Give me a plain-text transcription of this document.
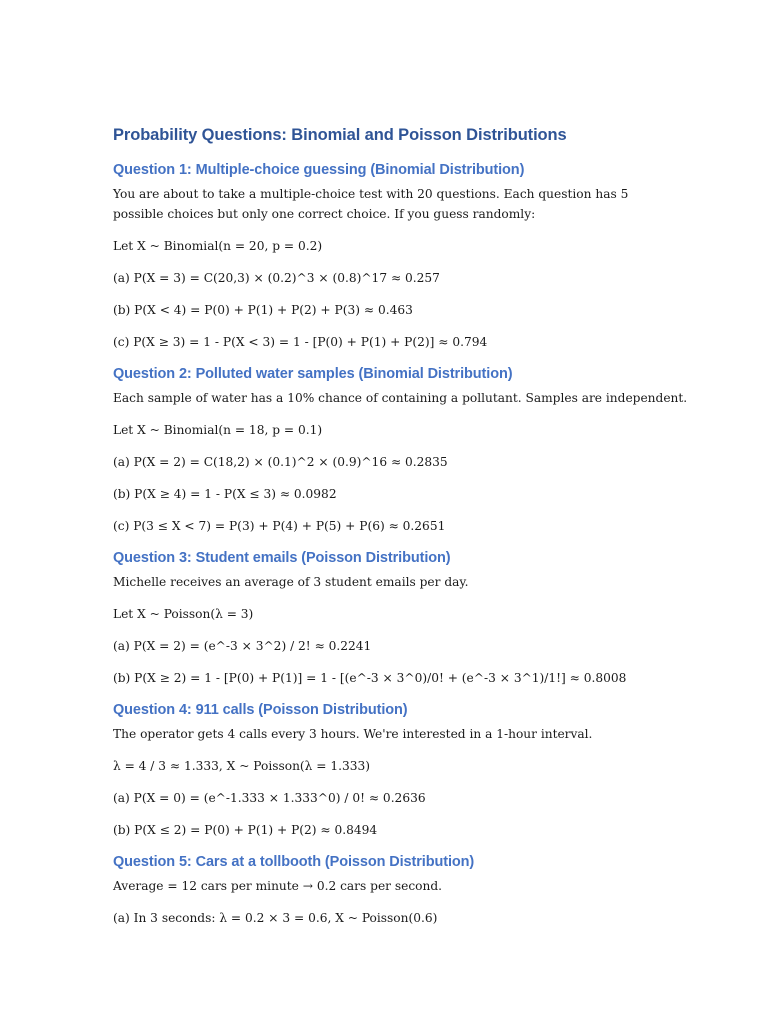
Probability Questions: Binomial and Poisson Distributions
Question 1: Multiple-choice guessing (Binomial Distribution)

You are about to take a multiple-choice test with 20 questions. Each question has 5 possible choices but only one correct choice. If you guess randomly:

Let X ~ Binomial(n = 20, p = 0.2)

(a) P(X = 3) = C(20,3) × (0.2)^3 × (0.8)^17 ≈ 0.257

(b) P(X < 4) = P(0) + P(1) + P(2) + P(3) ≈ 0.463

(c) P(X ≥ 3) = 1 - P(X < 3) = 1 - [P(0) + P(1) + P(2)] ≈ 0.794

Question 2: Polluted water samples (Binomial Distribution)

Each sample of water has a 10% chance of containing a pollutant. Samples are independent.

Let X ~ Binomial(n = 18, p = 0.1)

(a) P(X = 2) = C(18,2) × (0.1)^2 × (0.9)^16 ≈ 0.2835

(b) P(X ≥ 4) = 1 - P(X ≤ 3) ≈ 0.0982

(c) P(3 ≤ X < 7) = P(3) + P(4) + P(5) + P(6) ≈ 0.2651

Question 3: Student emails (Poisson Distribution)

Michelle receives an average of 3 student emails per day.

Let X ~ Poisson(λ = 3)

(a) P(X = 2) = (e^-3 × 3^2) / 2! ≈ 0.2241

(b) P(X ≥ 2) = 1 - [P(0) + P(1)] = 1 - [(e^-3 × 3^0)/0! + (e^-3 × 3^1)/1!] ≈ 0.8008

Question 4: 911 calls (Poisson Distribution)

The operator gets 4 calls every 3 hours. We're interested in a 1-hour interval.

λ = 4 / 3 ≈ 1.333, X ~ Poisson(λ = 1.333)

(a) P(X = 0) = (e^-1.333 × 1.333^0) / 0! ≈ 0.2636

(b) P(X ≤ 2) = P(0) + P(1) + P(2) ≈ 0.8494

Question 5: Cars at a tollbooth (Poisson Distribution)

Average = 12 cars per minute → 0.2 cars per second.

(a) In 3 seconds: λ = 0.2 × 3 = 0.6, X ~ Poisson(0.6)
